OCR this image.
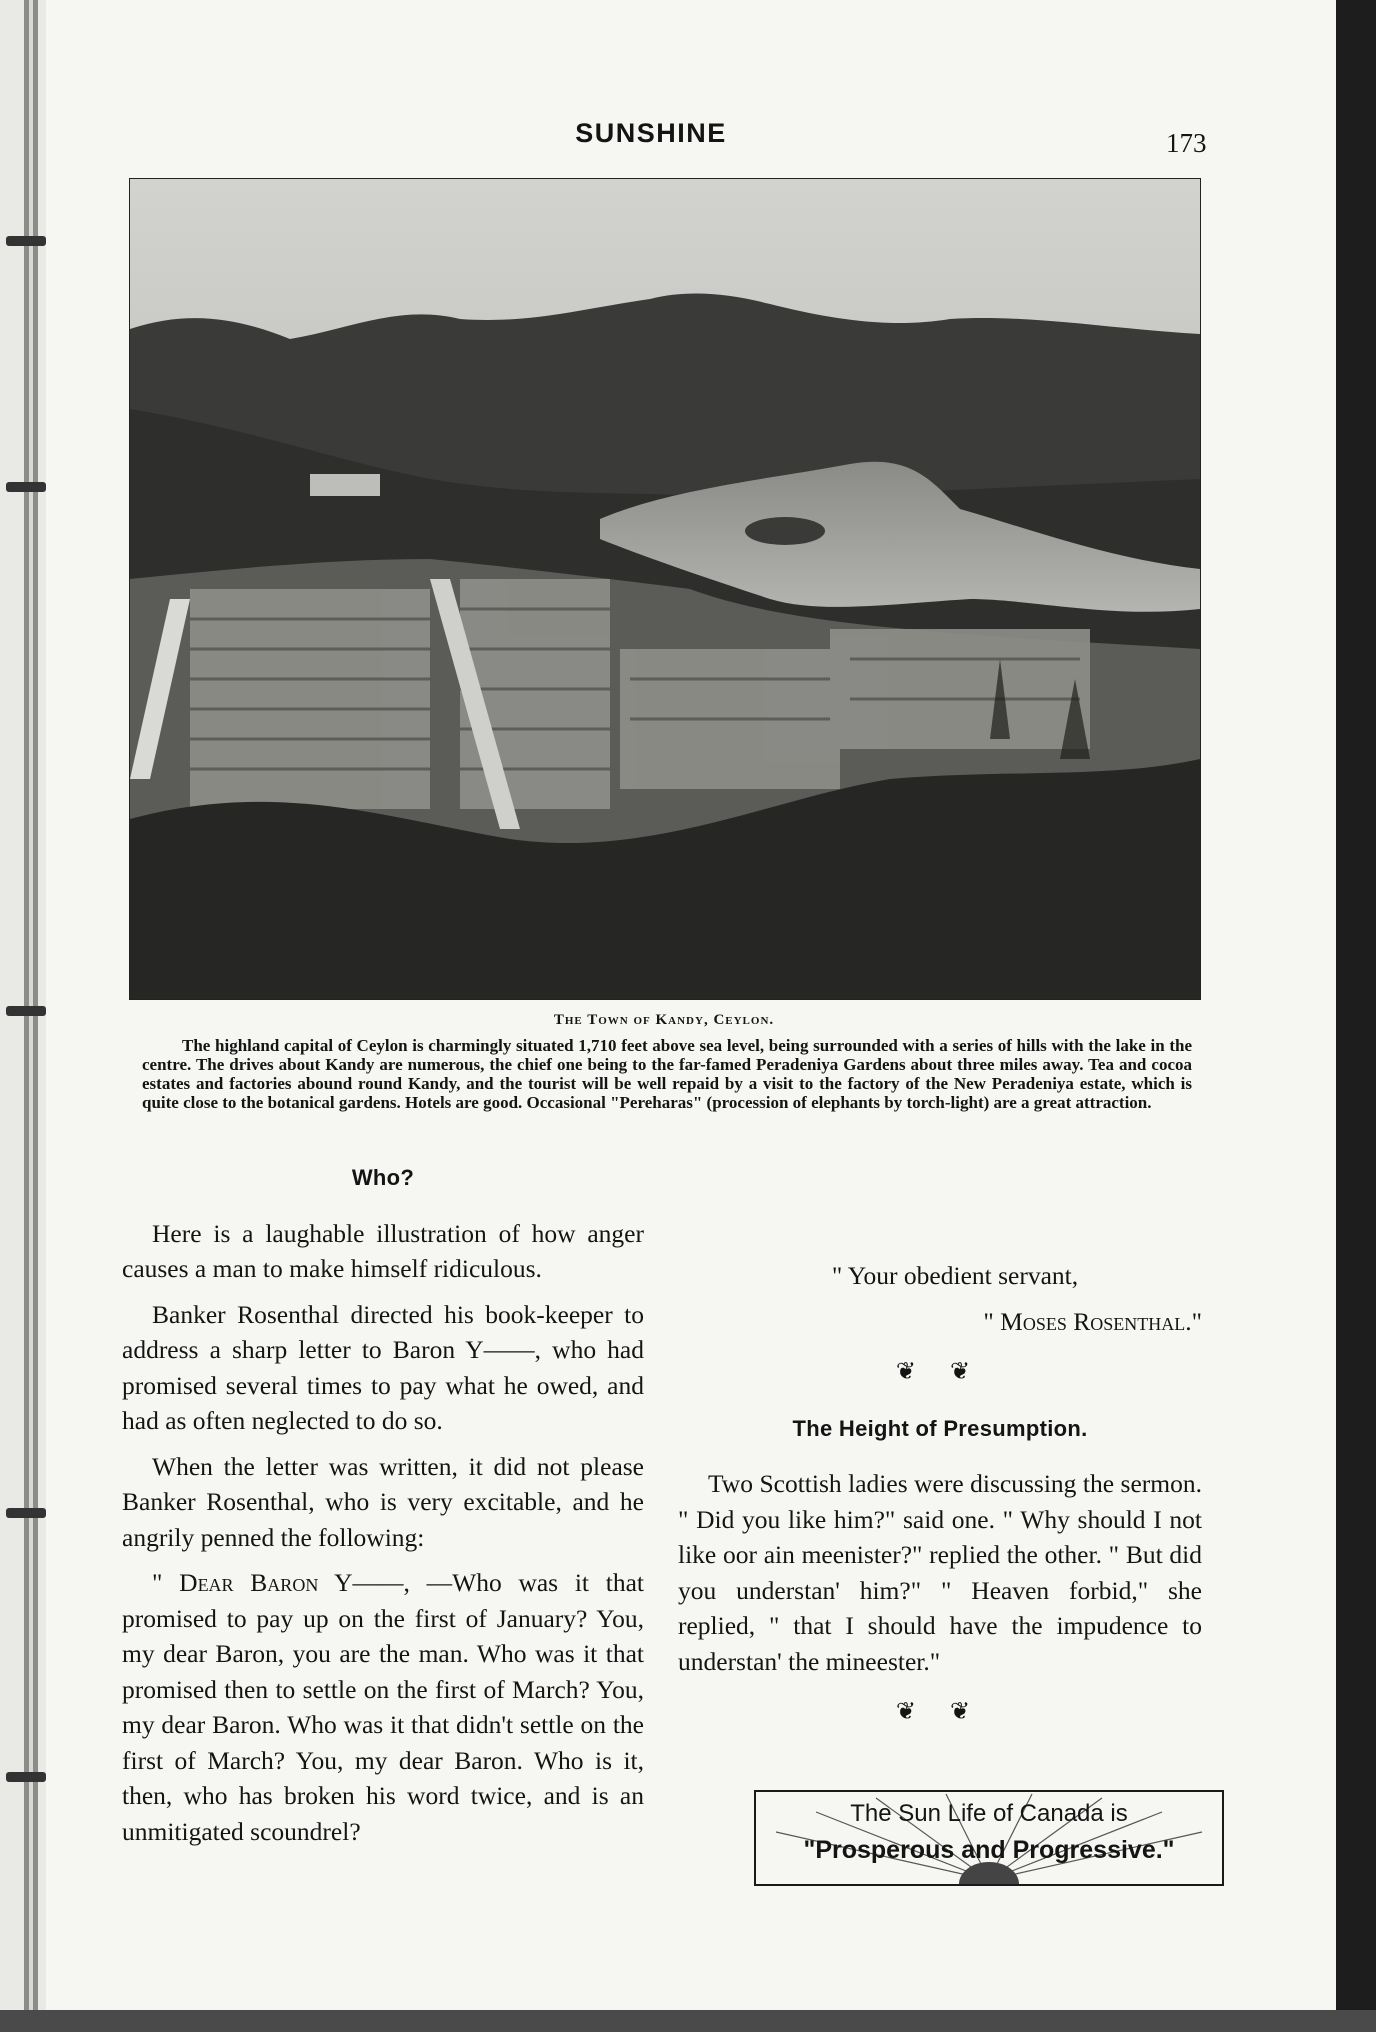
SUNSHINE	173
The Town of Kandy, Ceylon.
The highland capital of Ceylon is charmingly situated 1,710 feet above sea level, being surrounded with a series of hills with the lake in the centre. The drives about Kandy are numerous, the chief one being to the far-famed Peradeniya Gardens about three miles away. Tea and cocoa estates and factories abound round Kandy, and the tourist will be well repaid by a visit to the factory of the New Peradeniya estate, which is quite close to the botanical gardens. Hotels are good. Occasional "Pereharas" (procession of elephants by torch-light) are a great attraction.
Who?

Here is a laughable illustration of how anger causes a man to make himself ridiculous.

Banker Rosenthal directed his book-keeper to address a sharp letter to Baron Y——, who had promised several times to pay what he owed, and had as often neglected to do so.

When the letter was written, it did not please Banker Rosenthal, who is very excitable, and he angrily penned the following:

" Dear Baron Y——, —Who was it that promised to pay up on the first of January? You, my dear Baron, you are the man. Who was it that promised then to settle on the first of March? You, my dear Baron. Who was it that didn't settle on the first of March? You, my dear Baron. Who is it, then, who has broken his word twice, and is an unmitigated scoundrel?

" Your obedient servant,

" Moses Rosenthal."

❦ ❦
The Height of Presumption.

Two Scottish ladies were discussing the sermon. " Did you like him?" said one. " Why should I not like oor ain meenister?" replied the other. " But did you understan' him?" " Heaven forbid," she replied, " that I should have the impudence to understan' the mineester."

❦ ❦
The Sun Life of Canada is
"Prosperous and Progressive."
